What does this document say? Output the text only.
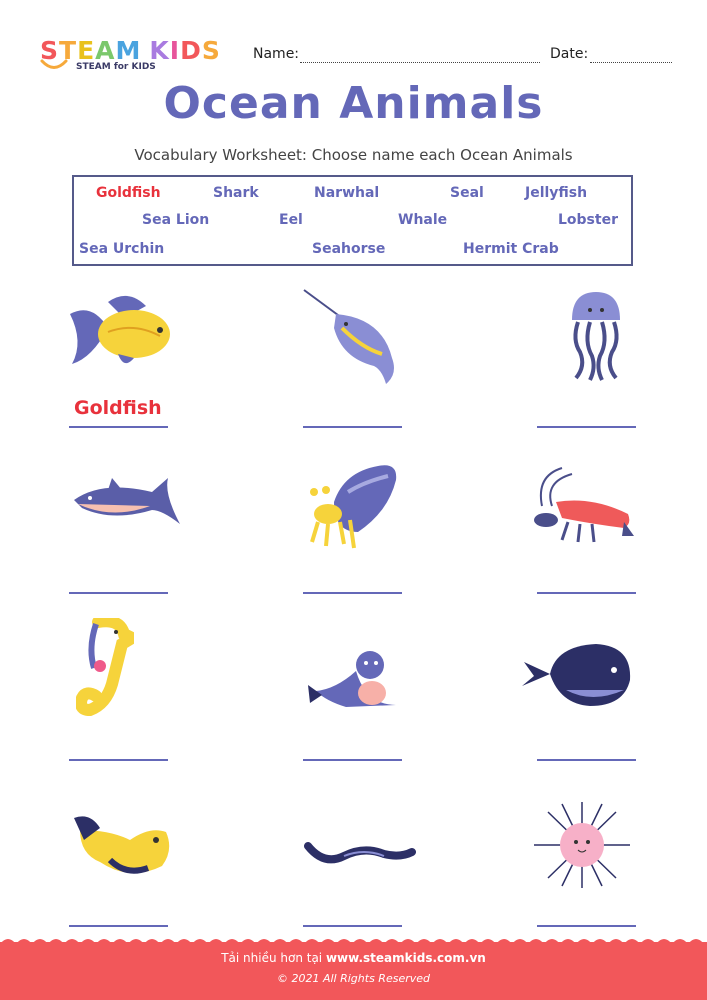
STEAM KIDS
STEAM for KIDS
Name:	Date:
Ocean Animals
Vocabulary Worksheet: Choose name each Ocean Animals
Goldfish	Shark	Narwhal	Seal	Jellyfish
Sea Lion	Eel	Whale	Lobster
Sea Urchin	Seahorse	Hermit Crab
Goldfish
Tải nhiều hơn tại www.steamkids.com.vn
© 2021 All Rights Reserved
